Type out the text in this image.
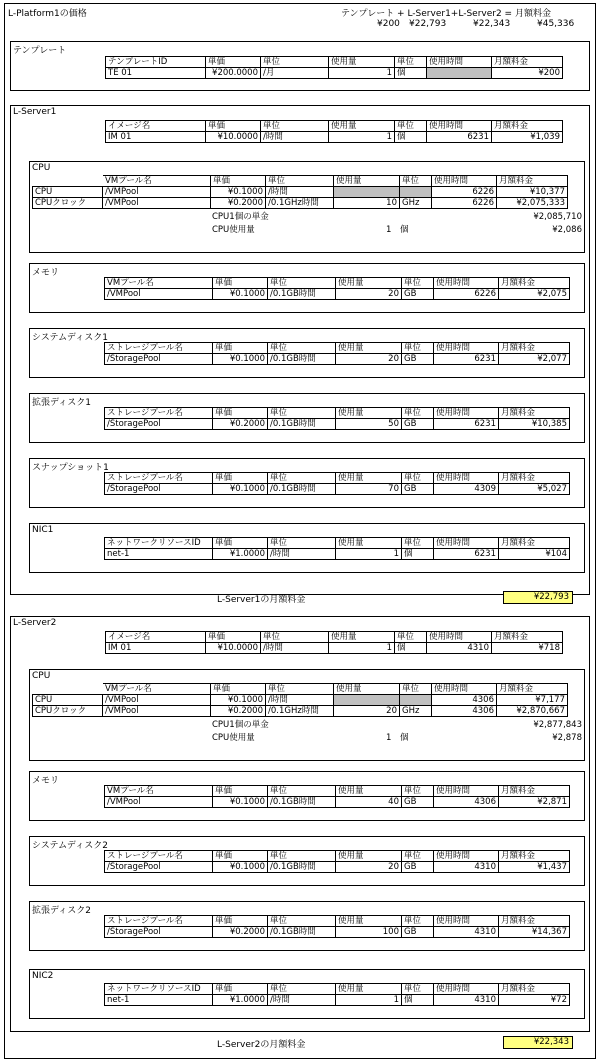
L-Platform1の価格	テンプレート + L-Server1+L-Server2 = 月額料金
¥200 ¥22,793	¥22,343	¥45,336
テンプレート
テンプレートID	単価	単位	使用量	単位	使用時間	月額料金
TE 01	¥200.0000	/月	1	個		¥200
L-Server1
イメージ名	単価	単位	使用量	単位	使用時間	月額料金
IM 01	¥10.0000	/時間	1	個	6231	¥1,039
CPU
	VMプール名	単価	単位	使用量	単位	使用時間	月額料金
CPU	/VMPool	¥0.1000	/時間			6226	¥10,377
CPUクロック	/VMPool	¥0.2000	/0.1GHz時間	10	GHz	6226	¥2,075,333
CPU1個の単金	¥2,085,710
CPU使用量	1 個	¥2,086
メモリ
VMプール名	単価	単位	使用量	単位	使用時間	月額料金
/VMPool	¥0.1000	/0.1GB時間	20	GB	6226	¥2,075
システムディスク1
ストレージプール名	単価	単位	使用量	単位	使用時間	月額料金
/StoragePool	¥0.1000	/0.1GB時間	20	GB	6231	¥2,077
拡張ディスク1
ストレージプール名	単価	単位	使用量	単位	使用時間	月額料金
/StoragePool	¥0.2000	/0.1GB時間	50	GB	6231	¥10,385
スナップショット1
ストレージプール名	単価	単位	使用量	単位	使用時間	月額料金
/StoragePool	¥0.1000	/0.1GB時間	70	GB	4309	¥5,027
NIC1
ネットワークリソースID	単価	単位	使用量	単位	使用時間	月額料金
net-1	¥1.0000	/時間	1	個	6231	¥104
L-Server1の月額料金	¥22,793
L-Server2
イメージ名	単価	単位	使用量	単位	使用時間	月額料金
IM 01	¥10.0000	/時間	1	個	4310	¥718
CPU
	VMプール名	単価	単位	使用量	単位	使用時間	月額料金
CPU	/VMPool	¥0.1000	/時間			4306	¥7,177
CPUクロック	/VMPool	¥0.2000	/0.1GHz時間	20	GHz	4306	¥2,870,667
CPU1個の単金	¥2,877,843
CPU使用量	1 個	¥2,878
メモリ
VMプール名	単価	単位	使用量	単位	使用時間	月額料金
/VMPool	¥0.1000	/0.1GB時間	40	GB	4306	¥2,871
システムディスク2
ストレージプール名	単価	単位	使用量	単位	使用時間	月額料金
/StoragePool	¥0.1000	/0.1GB時間	20	GB	4310	¥1,437
拡張ディスク2
ストレージプール名	単価	単位	使用量	単位	使用時間	月額料金
/StoragePool	¥0.2000	/0.1GB時間	100	GB	4310	¥14,367
NIC2
ネットワークリソースID	単価	単位	使用量	単位	使用時間	月額料金
net-1	¥1.0000	/時間	1	個	4310	¥72
L-Server2の月額料金	¥22,343
